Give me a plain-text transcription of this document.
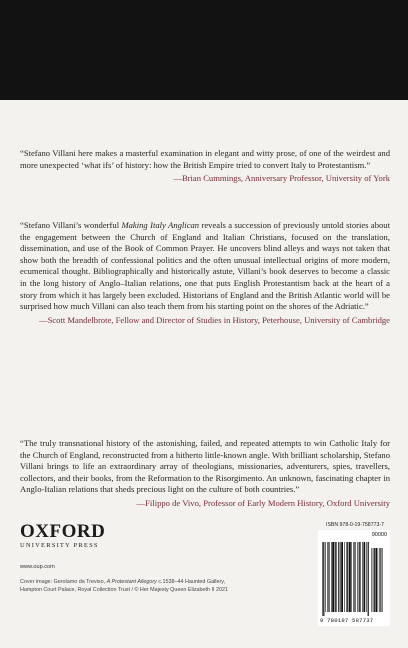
“Stefano Villani here makes a masterful examination in elegant and witty prose, of one of the weirdest and more unexpected ‘what ifs’ of history: how the British Empire tried to convert Italy to Protestantism.”

—Brian Cummings, Anniversary Professor, University of York

“Stefano Villani’s wonderful Making Italy Anglican reveals a succession of previously untold stories about the engagement between the Church of England and Italian Christians, focused on the translation, dissemination, and use of the Book of Common Prayer. He uncovers blind alleys and ways not taken that show both the breadth of confessional politics and the often unusual intellectual origins of more modern, ecumenical thought. Bibliographically and historically astute, Villani’s book deserves to become a classic in the long history of Anglo–Italian relations, one that puts English Protestantism back at the heart of a story from which it has largely been excluded. Historians of England and the British Atlantic world will be surprised how much Villani can also teach them from his starting point on the shores of the Adriatic.”

—Scott Mandelbrote, Fellow and Director of Studies in History, Peterhouse, University of Cambridge

“The truly transnational history of the astonishing, failed, and repeated attempts to win Catholic Italy for the Church of England, reconstructed from a hitherto little-known angle. With brilliant scholarship, Stefano Villani brings to life an extraordinary array of theologians, missionaries, adventurers, spies, travellers, collectors, and their books, from the Reformation to the Risorgimento. An unknown, fascinating chapter in Anglo-Italian relations that sheds precious light on the culture of both countries.”

—Filippo de Vivo, Professor of Early Modern History, Oxford University

OXFORD
UNIVERSITY PRESS
www.oup.com
Cover image: Gerolamo da Treviso, A Protestant Allegory c.1538–44 Haunted Gallery,
Hampton Court Palace, Royal Collection Trust / © Her Majesty Queen Elizabeth II 2021
ISBN 978-0-19-758773-7
90000
9 780197 587737
